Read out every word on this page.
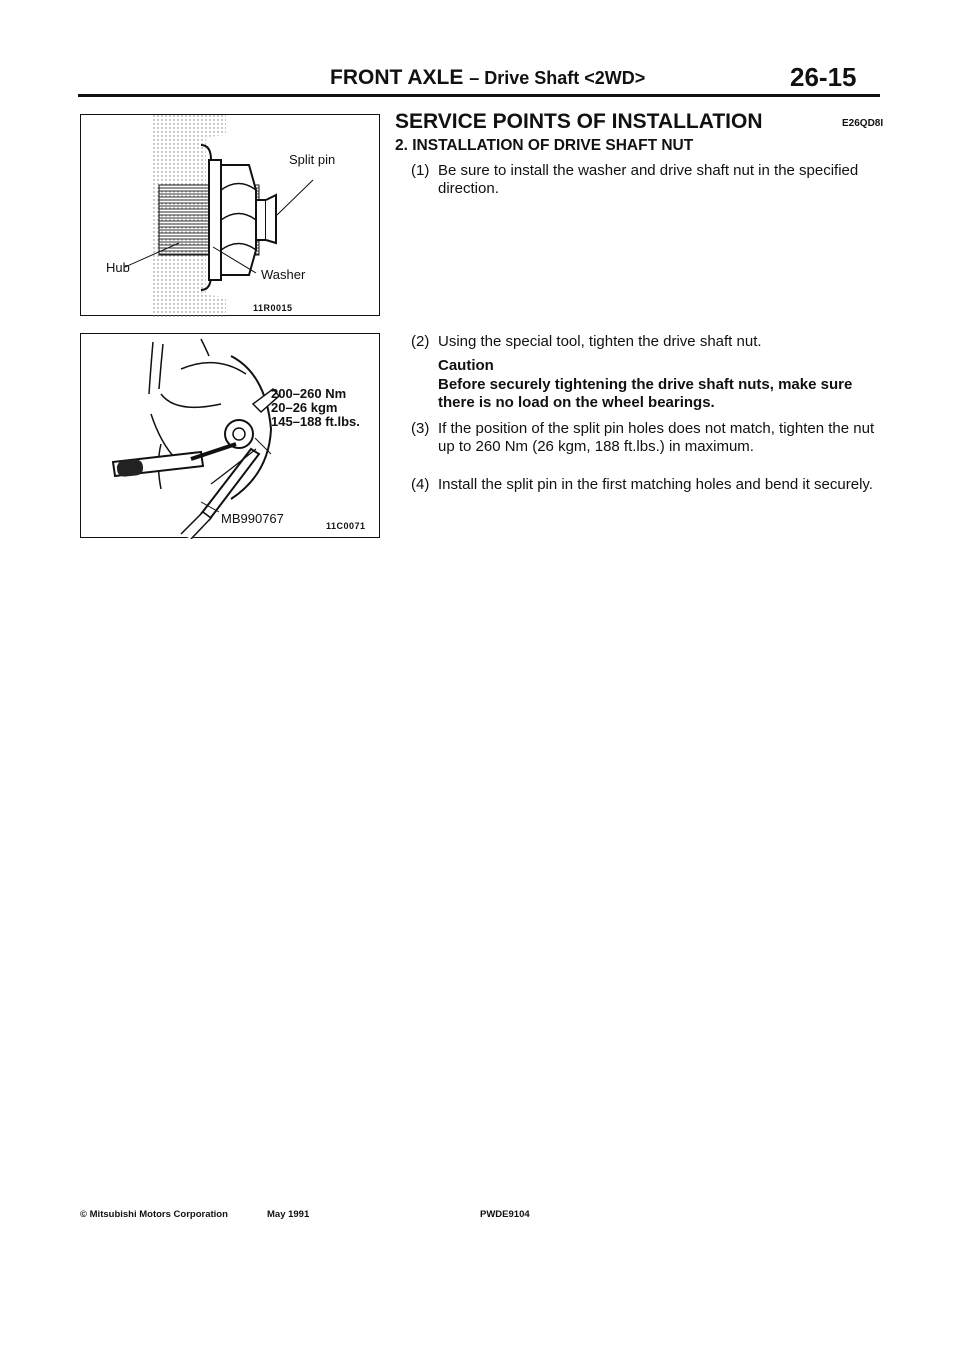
FRONT AXLE – Drive Shaft <2WD>	26-15
Split pin
Hub	Washer
11R0015
200–260 Nm
20–26 kgm
145–188 ft.lbs.
MB990767	11C0071
SERVICE POINTS OF INSTALLATION	E26QD8I
2. INSTALLATION OF DRIVE SHAFT NUT
(1) Be sure to install the washer and drive shaft nut in the specified direction.
(2) Using the special tool, tighten the drive shaft nut.
Caution
Before securely tightening the drive shaft nuts, make sure there is no load on the wheel bearings.
(3) If the position of the split pin holes does not match, tighten the nut up to 260 Nm (26 kgm, 188 ft.lbs.) in maximum.
(4) Install the split pin in the first matching holes and bend it securely.
© Mitsubishi Motors Corporation	May 1991	PWDE9104
